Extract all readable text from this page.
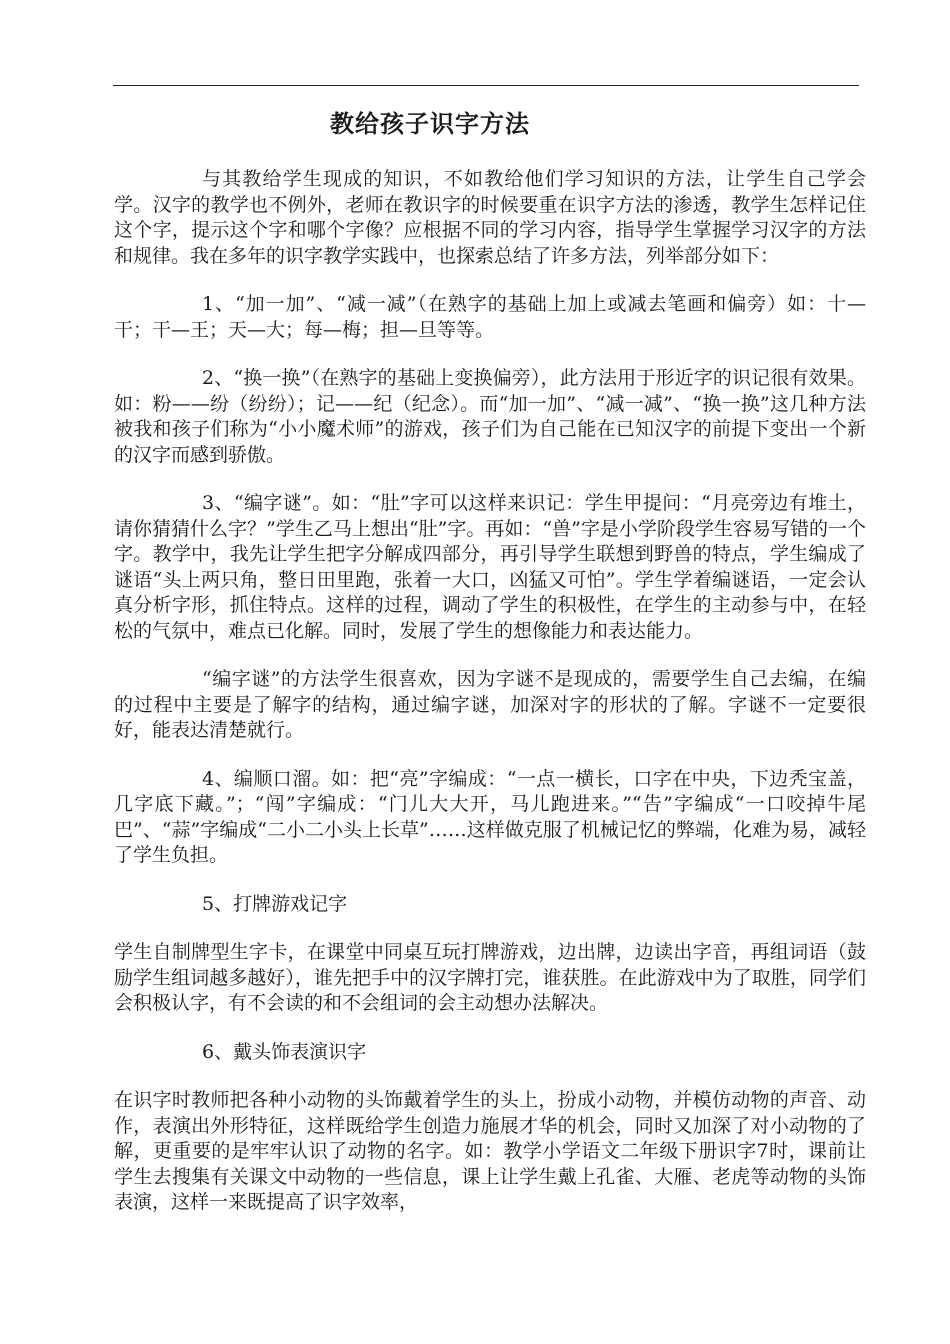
教给孩子识字方法

与其教给学生现成的知识，不如教给他们学习知识的方法，让学生自己学会学。汉字的教学也不例外，老师在教识字的时候要重在识字方法的渗透，教学生怎样记住这个字，提示这个字和哪个字像？应根据不同的学习内容，指导学生掌握学习汉字的方法和规律。我在多年的识字教学实践中，也探索总结了许多方法，列举部分如下：

1、“加一加”、“减一减”（在熟字的基础上加上或减去笔画和偏旁）如：十—干；干—王；天—大；每—梅；担—旦等等。

2、“换一换”（在熟字的基础上变换偏旁），此方法用于形近字的识记很有效果。如：粉——纷（纷纷）；记——纪（纪念）。而“加一加”、“减一减”、“换一换”这几种方法被我和孩子们称为“小小魔术师”的游戏，孩子们为自己能在已知汉字的前提下变出一个新的汉字而感到骄傲。

3、“编字谜”。如：“肚”字可以这样来识记：学生甲提问：“月亮旁边有堆土，请你猜猜什么字？”学生乙马上想出“肚”字。再如：“兽”字是小学阶段学生容易写错的一个字。教学中，我先让学生把字分解成四部分，再引导学生联想到野兽的特点，学生编成了谜语“头上两只角，整日田里跑，张着一大口，凶猛又可怕”。学生学着编谜语，一定会认真分析字形，抓住特点。这样的过程，调动了学生的积极性，在学生的主动参与中，在轻松的气氛中，难点已化解。同时，发展了学生的想像能力和表达能力。

“编字谜”的方法学生很喜欢，因为字谜不是现成的，需要学生自己去编，在编的过程中主要是了解字的结构，通过编字谜，加深对字的形状的了解。字谜不一定要很好，能表达清楚就行。

4、编顺口溜。如：把“亮”字编成：“一点一横长，口字在中央，下边秃宝盖，几字底下藏。”；“闯”字编成：“门儿大大开，马儿跑进来。”“告”字编成“一口咬掉牛尾巴”、“蒜”字编成“二小二小头上长草”……这样做克服了机械记忆的弊端，化难为易，减轻了学生负担。

5、打牌游戏记字

学生自制牌型生字卡，在课堂中同桌互玩打牌游戏，边出牌，边读出字音，再组词语（鼓励学生组词越多越好），谁先把手中的汉字牌打完，谁获胜。在此游戏中为了取胜，同学们会积极认字，有不会读的和不会组词的会主动想办法解决。

6、戴头饰表演识字

在识字时教师把各种小动物的头饰戴着学生的头上，扮成小动物，并模仿动物的声音、动作，表演出外形特征，这样既给学生创造力施展才华的机会，同时又加深了对小动物的了解，更重要的是牢牢认识了动物的名字。如：教学小学语文二年级下册识字7时，课前让学生去搜集有关课文中动物的一些信息，课上让学生戴上孔雀、大雁、老虎等动物的头饰表演，这样一来既提高了识字效率，
